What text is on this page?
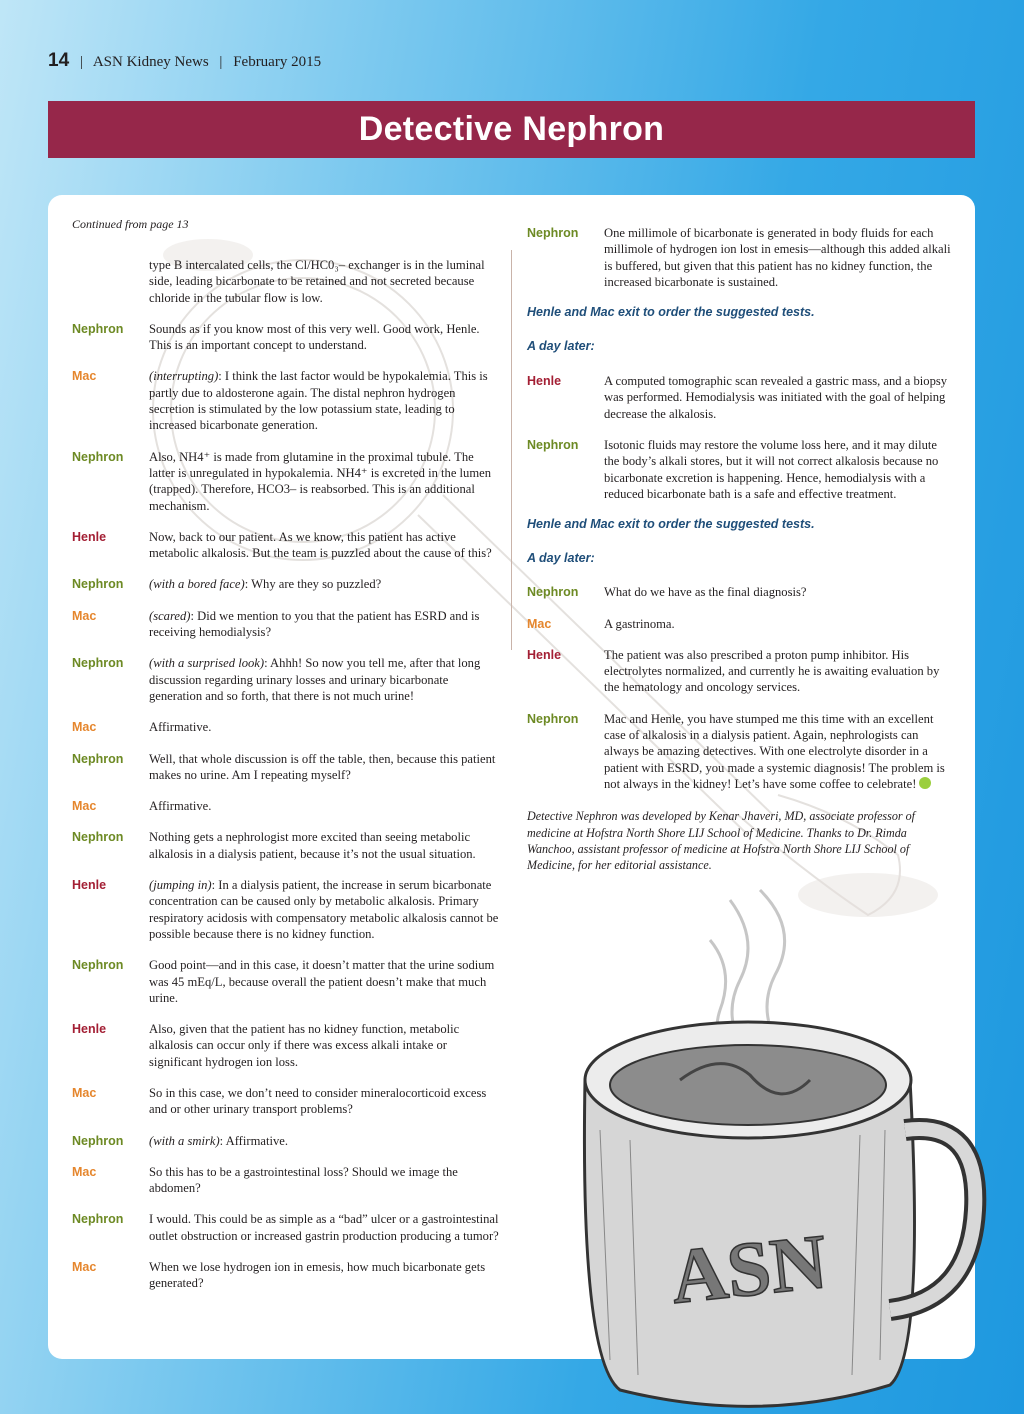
14 | ASN Kidney News | February 2015
Detective Nephron
Continued from page 13
type B intercalated cells, the Cl/HC0₃– exchanger is in the luminal side, leading bicarbonate to be retained and not secreted because chloride in the tubular flow is low.
Nephron	Sounds as if you know most of this very well. Good work, Henle. This is an important concept to understand.
Mac	(interrupting): I think the last factor would be hypokalemia. This is partly due to aldosterone again. The distal nephron hydrogen secretion is stimulated by the low potassium state, leading to increased bicarbonate generation.
Nephron	Also, NH4⁺ is made from glutamine in the proximal tubule. The latter is unregulated in hypokalemia. NH4⁺ is excreted in the lumen (trapped). Therefore, HCO3– is reabsorbed. This is an additional mechanism.
Henle	Now, back to our patient. As we know, this patient has active metabolic alkalosis. But the team is puzzled about the cause of this?
Nephron	(with a bored face): Why are they so puzzled?
Mac	(scared): Did we mention to you that the patient has ESRD and is receiving hemodialysis?
Nephron	(with a surprised look): Ahhh! So now you tell me, after that long discussion regarding urinary losses and urinary bicarbonate generation and so forth, that there is not much urine!
Mac	Affirmative.
Nephron	Well, that whole discussion is off the table, then, because this patient makes no urine. Am I repeating myself?
Mac	Affirmative.
Nephron	Nothing gets a nephrologist more excited than seeing metabolic alkalosis in a dialysis patient, because it’s not the usual situation.
Henle	(jumping in): In a dialysis patient, the increase in serum bicarbonate concentration can be caused only by metabolic alkalosis. Primary respiratory acidosis with compensatory metabolic alkalosis cannot be possible because there is no kidney function.
Nephron	Good point—and in this case, it doesn’t matter that the urine sodium was 45 mEq/L, because overall the patient doesn’t make that much urine.
Henle	Also, given that the patient has no kidney function, metabolic alkalosis can occur only if there was excess alkali intake or significant hydrogen ion loss.
Mac	So in this case, we don’t need to consider mineralocorticoid excess and or other urinary transport problems?
Nephron	(with a smirk): Affirmative.
Mac	So this has to be a gastrointestinal loss? Should we image the abdomen?
Nephron	I would. This could be as simple as a “bad” ulcer or a gastrointestinal outlet obstruction or increased gastrin production producing a tumor?
Mac	When we lose hydrogen ion in emesis, how much bicarbonate gets generated?
Nephron	One millimole of bicarbonate is generated in body fluids for each millimole of hydrogen ion lost in emesis—although this added alkali is buffered, but given that this patient has no kidney function, the increased bicarbonate is sustained.
Henle and Mac exit to order the suggested tests.
A day later:
Henle	A computed tomographic scan revealed a gastric mass, and a biopsy was performed. Hemodialysis was initiated with the goal of helping decrease the alkalosis.
Nephron	Isotonic fluids may restore the volume loss here, and it may dilute the body’s alkali stores, but it will not correct alkalosis because no bicarbonate excretion is happening. Hence, hemodialysis with a reduced bicarbonate bath is a safe and effective treatment.
Henle and Mac exit to order the suggested tests.
A day later:
Nephron	What do we have as the final diagnosis?
Mac	A gastrinoma.
Henle	The patient was also prescribed a proton pump inhibitor. His electrolytes normalized, and currently he is awaiting evaluation by the hematology and oncology services.
Nephron	Mac and Henle, you have stumped me this time with an excellent case of alkalosis in a dialysis patient. Again, nephrologists can always be amazing detectives. With one electrolyte disorder in a patient with ESRD, you made a systemic diagnosis! The problem is not always in the kidney! Let’s have some coffee to celebrate!
Detective Nephron was developed by Kenar Jhaveri, MD, associate professor of medicine at Hofstra North Shore LIJ School of Medicine. Thanks to Dr. Rimda Wanchoo, assistant professor of medicine at Hofstra North Shore LIJ School of Medicine, for her editorial assistance.
ASN
